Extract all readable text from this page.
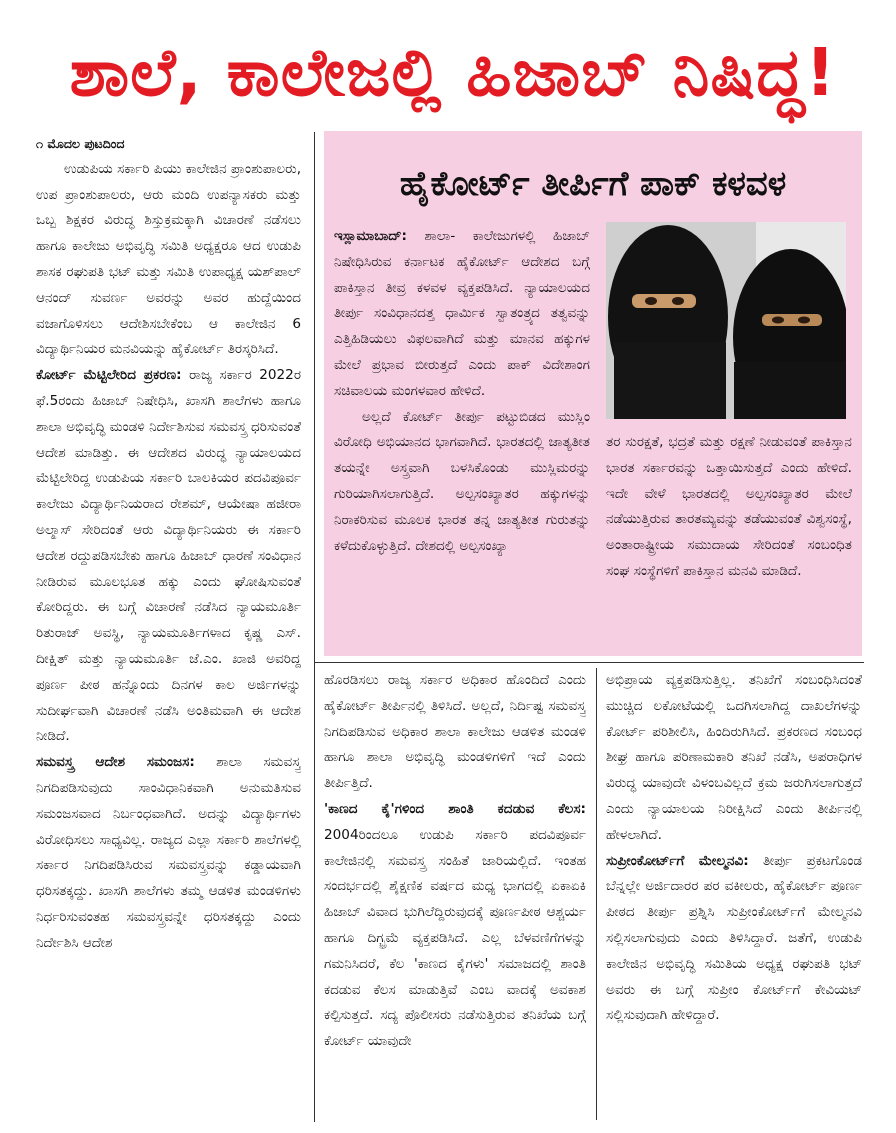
ಶಾಲೆ, ಕಾಲೇಜಲ್ಲಿ ಹಿಜಾಬ್ ನಿಷಿದ್ಧ!

೧ ಮೊದಲ ಪುಟದಿಂದ

ಉಡುಪಿಯ ಸರ್ಕಾರಿ ಪಿಯು ಕಾಲೇಜಿನ ಪ್ರಾಂಶುಪಾಲರು, ಉಪ ಪ್ರಾಂಶುಪಾಲರು, ಆರು ಮಂದಿ ಉಪನ್ಯಾಸಕರು ಮತ್ತು ಒಬ್ಬ ಶಿಕ್ಷಕರ ವಿರುದ್ಧ ಶಿಸ್ತುಕ್ರಮಕ್ಕಾಗಿ ವಿಚಾರಣೆ ನಡೆಸಲು ಹಾಗೂ ಕಾಲೇಜು ಅಭಿವೃದ್ಧಿ ಸಮಿತಿ ಅಧ್ಯಕ್ಷರೂ ಆದ ಉಡುಪಿ ಶಾಸಕ ರಘುಪತಿ ಭಟ್ ಮತ್ತು ಸಮಿತಿ ಉಪಾಧ್ಯಕ್ಷ ಯಶ್‌ಪಾಲ್ ಆನಂದ್ ಸುವರ್ಣ ಅವರನ್ನು ಅವರ ಹುದ್ದೆಯಿಂದ ವಜಾಗೊಳಿಸಲು ಆದೇಶಿಸಬೇಕೆಂಬ ಆ ಕಾಲೇಜಿನ 6 ವಿದ್ಯಾರ್ಥಿನಿಯರ ಮನವಿಯನ್ನು ಹೈಕೋರ್ಟ್ ತಿರಸ್ಕರಿಸಿದೆ.

ಕೋರ್ಟ್ ಮೆಟ್ಟಿಲೇರಿದ ಪ್ರಕರಣ: ರಾಜ್ಯ ಸರ್ಕಾರ 2022ರ ಫೆ.5ರಂದು ಹಿಜಾಬ್ ನಿಷೇಧಿಸಿ, ಖಾಸಗಿ ಶಾಲೆಗಳು ಹಾಗೂ ಶಾಲಾ ಅಭಿವೃದ್ಧಿ ಮಂಡಳಿ ನಿರ್ದೇಶಿಸುವ ಸಮವಸ್ತ್ರ ಧರಿಸುವಂತೆ ಆದೇಶ ಮಾಡಿತ್ತು. ಈ ಆದೇಶದ ವಿರುದ್ಧ ನ್ಯಾಯಾಲಯದ ಮೆಟ್ಟಿಲೇರಿದ್ದ ಉಡುಪಿಯ ಸರ್ಕಾರಿ ಬಾಲಕಿಯರ ಪದವಿಪೂರ್ವ ಕಾಲೇಜು ವಿದ್ಯಾರ್ಥಿನಿಯರಾದ ರೇಶಮ್, ಆಯೇಷಾ ಹಜೀರಾ ಅಲ್ಮಾಸ್ ಸೇರಿದಂತೆ ಆರು ವಿದ್ಯಾರ್ಥಿನಿಯರು ಈ ಸರ್ಕಾರಿ ಆದೇಶ ರದ್ದುಪಡಿಸಬೇಕು ಹಾಗೂ ಹಿಜಾಬ್ ಧಾರಣೆ ಸಂವಿಧಾನ ನೀಡಿರುವ ಮೂಲಭೂತ ಹಕ್ಕು ಎಂದು ಘೋಷಿಸುವಂತೆ ಕೋರಿದ್ದರು. ಈ ಬಗ್ಗೆ ವಿಚಾರಣೆ ನಡೆಸಿದ ನ್ಯಾಯಮೂರ್ತಿ ರಿತುರಾಜ್ ಅವಸ್ಥಿ, ನ್ಯಾಯಮೂರ್ತಿಗಳಾದ ಕೃಷ್ಣ ಎಸ್. ದೀಕ್ಷಿತ್ ಮತ್ತು ನ್ಯಾಯಮೂರ್ತಿ ಜೆ.ಎಂ. ಖಾಜಿ ಅವರಿದ್ದ ಪೂರ್ಣ ಪೀಠ ಹನ್ನೊಂದು ದಿನಗಳ ಕಾಲ ಅರ್ಜಿಗಳನ್ನು ಸುದೀರ್ಘವಾಗಿ ವಿಚಾರಣೆ ನಡೆಸಿ ಅಂತಿಮವಾಗಿ ಈ ಆದೇಶ ನೀಡಿದೆ.

ಸಮವಸ್ತ್ರ ಆದೇಶ ಸಮಂಜಸ: ಶಾಲಾ ಸಮವಸ್ತ್ರ ನಿಗದಿಪಡಿಸುವುದು ಸಾಂವಿಧಾನಿಕವಾಗಿ ಅನುಮತಿಸುವ ಸಮಂಜಸವಾದ ನಿರ್ಬಂಧವಾಗಿದೆ. ಅದನ್ನು ವಿದ್ಯಾರ್ಥಿಗಳು ವಿರೋಧಿಸಲು ಸಾಧ್ಯವಿಲ್ಲ. ರಾಜ್ಯದ ಎಲ್ಲಾ ಸರ್ಕಾರಿ ಶಾಲೆಗಳಲ್ಲಿ ಸರ್ಕಾರ ನಿಗದಿಪಡಿಸಿರುವ ಸಮವಸ್ತ್ರವನ್ನು ಕಡ್ಡಾಯವಾಗಿ ಧರಿಸತಕ್ಕದ್ದು. ಖಾಸಗಿ ಶಾಲೆಗಳು ತಮ್ಮ ಆಡಳಿತ ಮಂಡಳಿಗಳು ನಿರ್ಧರಿಸುವಂತಹ ಸಮವಸ್ತ್ರವನ್ನೇ ಧರಿಸತಕ್ಕದ್ದು ಎಂದು ನಿರ್ದೇಶಿಸಿ ಆದೇಶ

ಹೈಕೋರ್ಟ್ ತೀರ್ಪಿಗೆ ಪಾಕ್ ಕಳವಳ

ಇಸ್ಲಾಮಾಬಾದ್: ಶಾಲಾ- ಕಾಲೇಜುಗಳಲ್ಲಿ ಹಿಜಾಬ್ ನಿಷೇಧಿಸಿರುವ ಕರ್ನಾಟಕ ಹೈಕೋರ್ಟ್ ಆದೇಶದ ಬಗ್ಗೆ ಪಾಕಿಸ್ತಾನ ತೀವ್ರ ಕಳವಳ ವ್ಯಕ್ತಪಡಿಸಿದೆ. ನ್ಯಾಯಾಲಯದ ತೀರ್ಪು ಸಂವಿಧಾನದತ್ತ ಧಾರ್ಮಿಕ ಸ್ವಾತಂತ್ರ್ಯದ ತತ್ವವನ್ನು ಎತ್ತಿಹಿಡಿಯಲು ವಿಫಲವಾಗಿದೆ ಮತ್ತು ಮಾನವ ಹಕ್ಕುಗಳ ಮೇಲೆ ಪ್ರಭಾವ ಬೀರುತ್ತದೆ ಎಂದು ಪಾಕ್ ವಿದೇಶಾಂಗ ಸಚಿವಾಲಯ ಮಂಗಳವಾರ ಹೇಳಿದೆ.

ಅಲ್ಲದೆ ಕೋರ್ಟ್ ತೀರ್ಪು ಪಟ್ಟುಬಿಡದ ಮುಸ್ಲಿಂ ವಿರೋಧಿ ಅಭಿಯಾನದ ಭಾಗವಾಗಿದೆ. ಭಾರತದಲ್ಲಿ ಜಾತ್ಯತೀತ ತಯನ್ನೇ ಅಸ್ತ್ರವಾಗಿ ಬಳಸಿಕೊಂಡು ಮುಸ್ಲಿಮರನ್ನು ಗುರಿಯಾಗಿಸಲಾಗುತ್ತಿದೆ. ಅಲ್ಪಸಂಖ್ಯಾತರ ಹಕ್ಕುಗಳನ್ನು ನಿರಾಕರಿಸುವ ಮೂಲಕ ಭಾರತ ತನ್ನ ಜಾತ್ಯತೀತ ಗುರುತನ್ನು ಕಳೆದುಕೊಳ್ಳುತ್ತಿದೆ. ದೇಶದಲ್ಲಿ ಅಲ್ಪಸಂಖ್ಯಾ

ತರ ಸುರಕ್ಷತೆ, ಭದ್ರತೆ ಮತ್ತು ರಕ್ಷಣೆ ನೀಡುವಂತೆ ಪಾಕಿಸ್ತಾನ ಭಾರತ ಸರ್ಕಾರವನ್ನು ಒತ್ತಾಯಿಸುತ್ತದೆ ಎಂದು ಹೇಳಿದೆ. ಇದೇ ವೇಳೆ ಭಾರತದಲ್ಲಿ ಅಲ್ಪಸಂಖ್ಯಾತರ ಮೇಲೆ ನಡೆಯುತ್ತಿರುವ ತಾರತಮ್ಯವನ್ನು ತಡೆಯುವಂತೆ ವಿಶ್ವಸಂಸ್ಥೆ, ಅಂತಾರಾಷ್ಟ್ರೀಯ ಸಮುದಾಯ ಸೇರಿದಂತೆ ಸಂಬಂಧಿತ ಸಂಘ ಸಂಸ್ಥೆಗಳಿಗೆ ಪಾಕಿಸ್ತಾನ ಮನವಿ ಮಾಡಿದೆ.

ಹೊರಡಿಸಲು ರಾಜ್ಯ ಸರ್ಕಾರ ಅಧಿಕಾರ ಹೊಂದಿದೆ ಎಂದು ಹೈಕೋರ್ಟ್ ತೀರ್ಪಿನಲ್ಲಿ ತಿಳಿಸಿದೆ. ಅಲ್ಲದೆ, ನಿರ್ದಿಷ್ಟ ಸಮವಸ್ತ್ರ ನಿಗದಿಪಡಿಸುವ ಅಧಿಕಾರ ಶಾಲಾ ಕಾಲೇಜು ಆಡಳಿತ ಮಂಡಳಿ ಹಾಗೂ ಶಾಲಾ ಅಭಿವೃದ್ಧಿ ಮಂಡಳಿಗಳಿಗೆ ಇದೆ ಎಂದು ತೀರ್ಪಿತ್ತಿದೆ.

'ಕಾಣದ ಕೈ'ಗಳಿಂದ ಶಾಂತಿ ಕದಡುವ ಕೆಲಸ: 2004ರಿಂದಲೂ ಉಡುಪಿ ಸರ್ಕಾರಿ ಪದವಿಪೂರ್ವ ಕಾಲೇಜಿನಲ್ಲಿ ಸಮವಸ್ತ್ರ ಸಂಹಿತೆ ಜಾರಿಯಲ್ಲಿದೆ. ಇಂತಹ ಸಂದರ್ಭದಲ್ಲಿ ಶೈಕ್ಷಣಿಕ ವರ್ಷದ ಮಧ್ಯ ಭಾಗದಲ್ಲಿ ಏಕಾಏಕಿ ಹಿಜಾಬ್ ವಿವಾದ ಭುಗಿಲೆದ್ದಿರುವುದಕ್ಕೆ ಪೂರ್ಣಪೀಠ ಆಶ್ಚರ್ಯ ಹಾಗೂ ದಿಗ್ಭ್ರಮೆ ವ್ಯಕ್ತಪಡಿಸಿದೆ. ಎಲ್ಲ ಬೆಳವಣಿಗೆಗಳನ್ನು ಗಮನಿಸಿದರೆ, ಕೆಲ 'ಕಾಣದ ಕೈಗಳು' ಸಮಾಜದಲ್ಲಿ ಶಾಂತಿ ಕದಡುವ ಕೆಲಸ ಮಾಡುತ್ತಿವೆ ಎಂಬ ವಾದಕ್ಕೆ ಅವಕಾಶ ಕಲ್ಪಿಸುತ್ತದೆ. ಸದ್ಯ ಪೊಲೀಸರು ನಡೆಸುತ್ತಿರುವ ತನಿಖೆಯ ಬಗ್ಗೆ ಕೋರ್ಟ್ ಯಾವುದೇ

ಅಭಿಪ್ರಾಯ ವ್ಯಕ್ತಪಡಿಸುತ್ತಿಲ್ಲ. ತನಿಖೆಗೆ ಸಂಬಂಧಿಸಿದಂತೆ ಮುಚ್ಚಿದ ಲಕೋಟೆಯಲ್ಲಿ ಒದಗಿಸಲಾಗಿದ್ದ ದಾಖಲೆಗಳನ್ನು ಕೋರ್ಟ್ ಪರಿಶೀಲಿಸಿ, ಹಿಂದಿರುಗಿಸಿದೆ. ಪ್ರಕರಣದ ಸಂಬಂಧ ಶೀಘ್ರ ಹಾಗೂ ಪರಿಣಾಮಕಾರಿ ತನಿಖೆ ನಡೆಸಿ, ಅಪರಾಧಿಗಳ ವಿರುದ್ಧ ಯಾವುದೇ ವಿಳಂಬವಿಲ್ಲದೆ ಕ್ರಮ ಜರುಗಿಸಲಾಗುತ್ತದೆ ಎಂದು ನ್ಯಾಯಾಲಯ ನಿರೀಕ್ಷಿಸಿದೆ ಎಂದು ತೀರ್ಪಿನಲ್ಲಿ ಹೇಳಲಾಗಿದೆ.

ಸುಪ್ರೀಂಕೋರ್ಟ್‌ಗೆ ಮೇಲ್ಮನವಿ: ತೀರ್ಪು ಪ್ರಕಟಗೊಂಡ ಬೆನ್ನಲ್ಲೇ ಅರ್ಜಿದಾರರ ಪರ ವಕೀಲರು, ಹೈಕೋರ್ಟ್ ಪೂರ್ಣ ಪೀಠದ ತೀರ್ಪು ಪ್ರಶ್ನಿಸಿ ಸುಪ್ರೀಂಕೋರ್ಟ್‌ಗೆ ಮೇಲ್ಮನವಿ ಸಲ್ಲಿಸಲಾಗುವುದು ಎಂದು ತಿಳಿಸಿದ್ದಾರೆ. ಜತೆಗೆ, ಉಡುಪಿ ಕಾಲೇಜಿನ ಅಭಿವೃದ್ಧಿ ಸಮಿತಿಯ ಅಧ್ಯಕ್ಷ ರಘುಪತಿ ಭಟ್ ಅವರು ಈ ಬಗ್ಗೆ ಸುಪ್ರೀಂ ಕೋರ್ಟ್‌ಗೆ ಕೇವಿಯಟ್ ಸಲ್ಲಿಸುವುದಾಗಿ ಹೇಳಿದ್ದಾರೆ.
